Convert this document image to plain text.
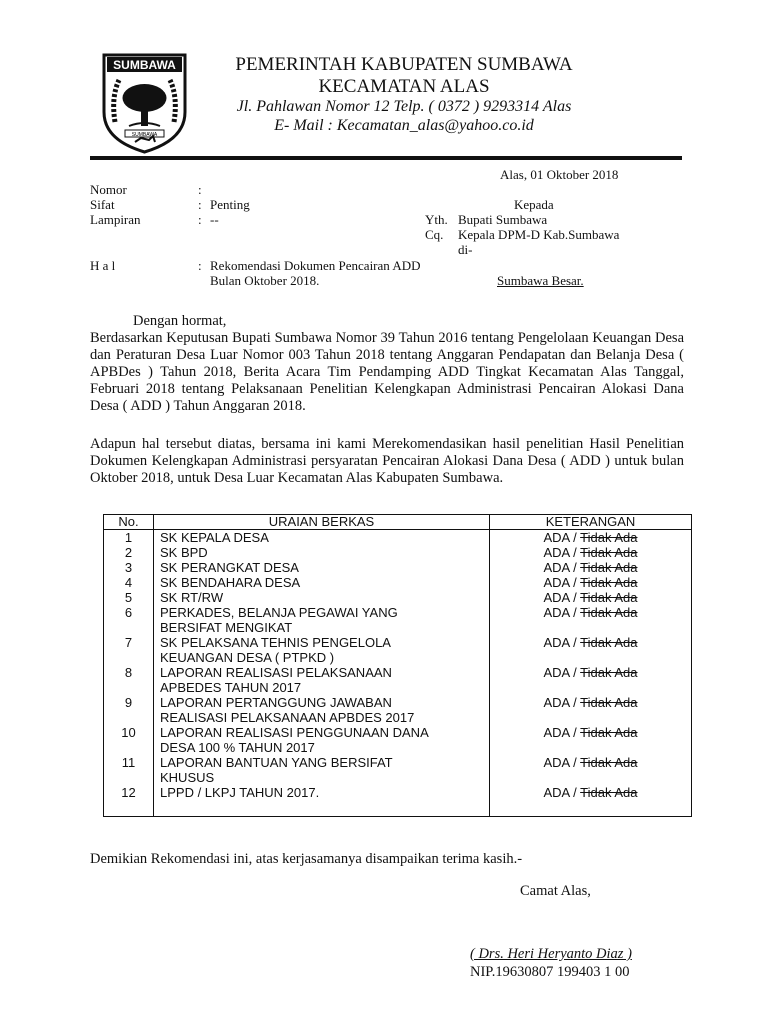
SUMBAWA
SUMBAWA
PEMERINTAH KABUPATEN SUMBAWA
KECAMATAN ALAS
Jl. Pahlawan Nomor 12 Telp. ( 0372 ) 9293314 Alas
E- Mail : Kecamatan_alas@yahoo.co.id
Alas, 01 Oktober 2018
Nomor	:
Sifat	: Penting
Lampiran	: --
H a l	: Rekomendasi Dokumen Pencairan ADD
Bulan Oktober 2018.
Kepada
Yth. Bupati Sumbawa
Cq. Kepala DPM-D Kab.Sumbawa
di-
Sumbawa Besar.
Dengan hormat,
Berdasarkan Keputusan Bupati Sumbawa Nomor 39 Tahun 2016 tentang Pengelolaan Keuangan Desa dan Peraturan Desa Luar Nomor 003 Tahun 2018 tentang Anggaran Pendapatan dan Belanja Desa ( APBDes ) Tahun 2018, Berita Acara Tim Pendamping ADD Tingkat Kecamatan Alas Tanggal,                  Februari 2018 tentang Pelaksanaan Penelitian Kelengkapan Administrasi Pencairan Alokasi Dana Desa ( ADD ) Tahun Anggaran 2018.
Adapun hal tersebut diatas, bersama ini kami Merekomendasikan hasil penelitian Hasil Penelitian Dokumen Kelengkapan Administrasi persyaratan Pencairan Alokasi Dana Desa ( ADD ) untuk bulan Oktober 2018, untuk Desa Luar Kecamatan Alas Kabupaten Sumbawa.
No.	URAIAN BERKAS	KETERANGAN
1	SK KEPALA DESA	ADA / Tidak Ada
2	SK BPD	ADA / Tidak Ada
3	SK PERANGKAT DESA	ADA / Tidak Ada
4	SK BENDAHARA DESA	ADA / Tidak Ada
5	SK RT/RW	ADA / Tidak Ada
6	PERKADES, BELANJA PEGAWAI YANG
BERSIFAT MENGIKAT	ADA / Tidak Ada
7	SK PELAKSANA TEHNIS PENGELOLA
KEUANGAN DESA ( PTPKD )	ADA / Tidak Ada
8	LAPORAN REALISASI PELAKSANAAN
APBEDES TAHUN 2017	ADA / Tidak Ada
9	LAPORAN PERTANGGUNG JAWABAN
REALISASI PELAKSANAAN APBDES 2017	ADA / Tidak Ada
10	LAPORAN REALISASI PENGGUNAAN DANA
DESA 100 % TAHUN 2017	ADA / Tidak Ada
11	LAPORAN BANTUAN YANG BERSIFAT
KHUSUS	ADA / Tidak Ada
12	LPPD / LKPJ TAHUN 2017.	ADA / Tidak Ada

Demikian Rekomendasi ini, atas kerjasamanya disampaikan terima kasih.-
Camat Alas,
( Drs. Heri Heryanto Diaz )
NIP.19630807 199403 1 00
